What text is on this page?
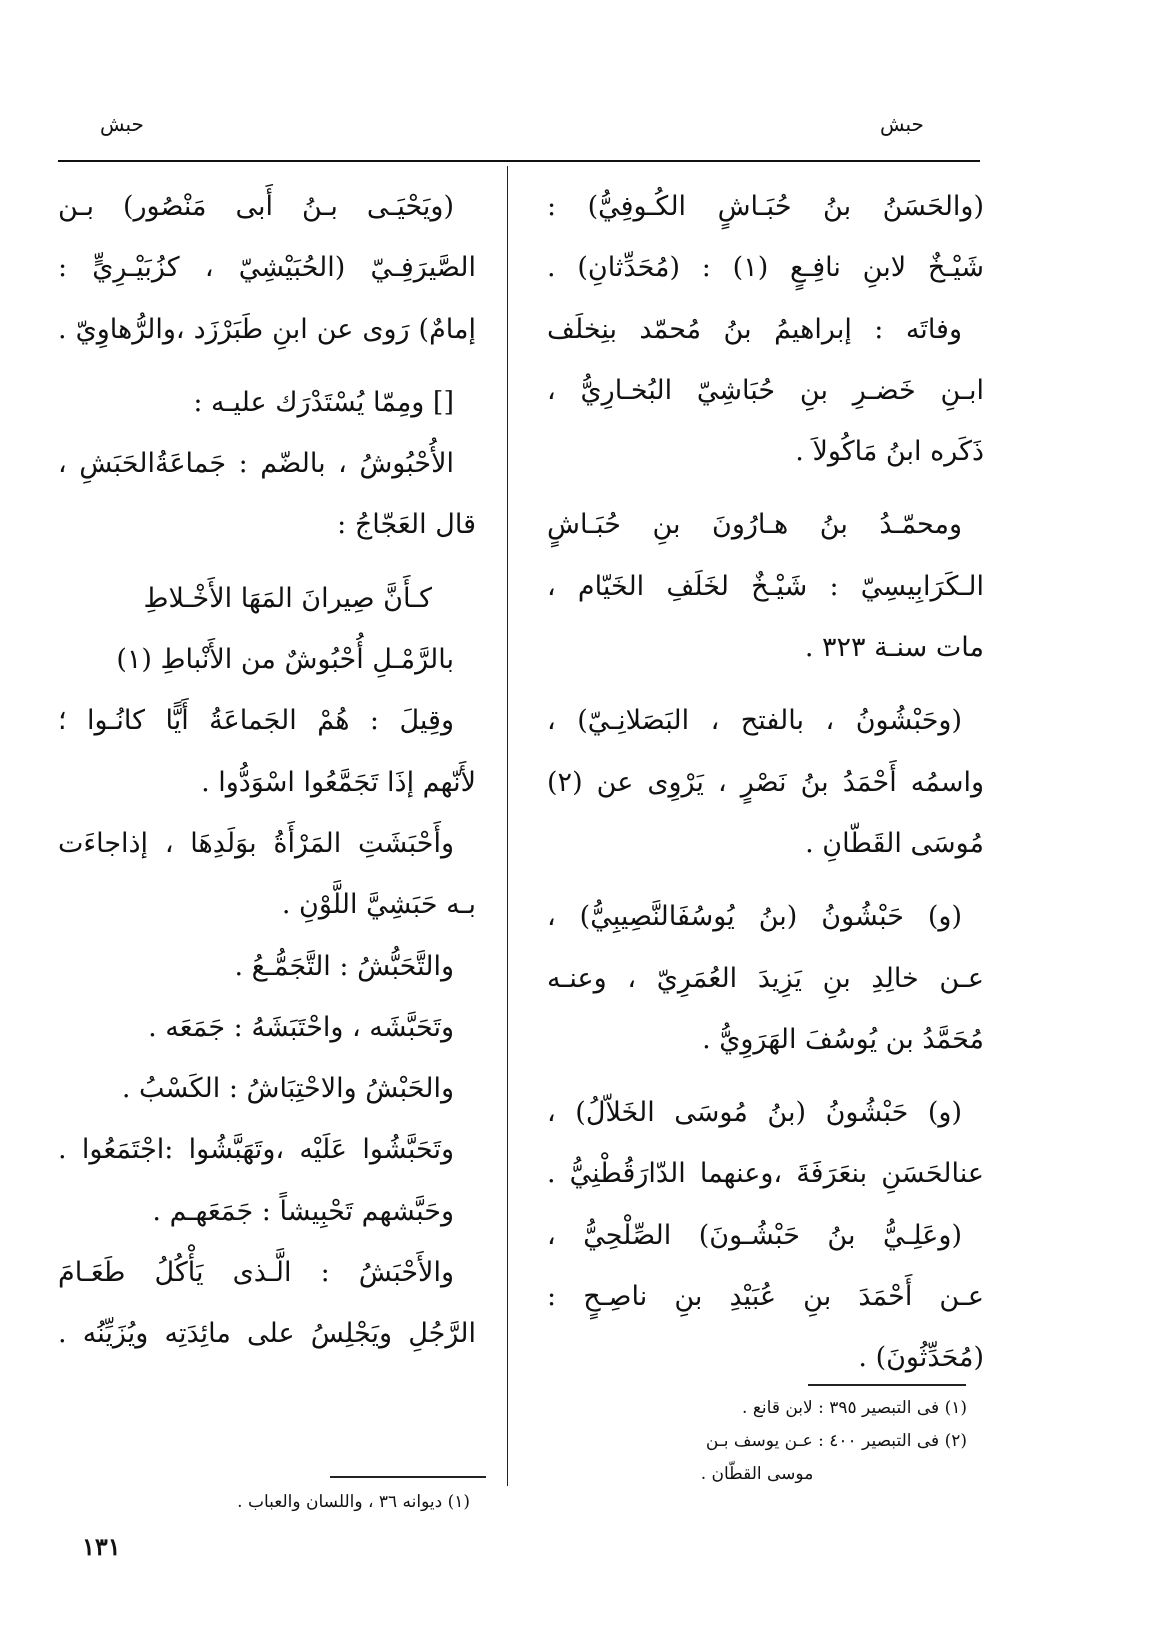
حبش
حبش
(والحَسَنُ بنُ حُبَـاشٍ الكُـوفِيُّ) :
شَيْـخٌ لابنِ نافِـعٍ (١) : (مُحَدِّثانِ) .
وفاتَه : إبراهيمُ بنُ مُحمّد بنِخلَف
ابـنِ خَضـرِ بنِ حُبَاشِيّ البُخـارِيُّ ،
ذَكَره ابنُ مَاكُولاَ .
ومحمّـدُ بنُ هـارُونَ بنِ حُبَـاشٍ
الـكَرَابِيسِيّ : شَيْـخٌ لخَلَفِ الخَيّام ،
مات سنـة ٣٢٣ .
(وحَبْشُونُ ، بالفتح ، البَصَلانِـيّ) ،
واسمُه أَحْمَدُ بنُ نَصْرٍ ، يَرْوِى عن (٢)
مُوسَى القَطّانِ .
(و) حَبْشُونُ (بنُ يُوسُفَالنَّصِيبِيُّ) ،
عـن خالِدِ بنِ يَزِيدَ العُمَرِيّ ، وعنـه
مُحَمَّدُ بن يُوسُفَ الهَرَوِيُّ .
(و) حَبْشُونُ (بنُ مُوسَى الخَلاّلُ) ،
عنالحَسَنِ بنعَرَفَةَ ،وعنهما الدّارَقُطْنِيُّ .
(وعَلِـيُّ بنُ حَبْشُـونَ) الصِّلْحِيُّ ،
عـن أَحْمَدَ بنِ عُبَيْدِ بنِ ناصِـحٍ :
(مُحَدِّثُونَ) .
(ويَحْيَـى بـنُ أَبى مَنْصُور) بـن
الصَّيرَفِـيّ (الحُبَيْشِيّ ، كزُبَيْـرِيٍّ :
إمامٌ) رَوى عن ابنِ طَبَرْزَد ،والرُّهاوِيّ .
[] ومِمّا يُسْتَدْرَك عليـه :
الأُحْبُوشُ ، بالضّم : جَماعَةُالحَبَشِ ،
قال العَجّاجُ :
كـأَنَّ صِيرانَ المَهَا الأَخْـلاطِ
بالرَّمْـلِ أُحْبُوشٌ من الأَنْباطِ (١)
وقِيلَ : هُمْ الجَماعَةُ أَيًّا كانُـوا ؛
لأَنّهم إذَا تَجَمَّعُوا اسْوَدُّوا .
وأَحْبَشَتِ المَرْأَةُ بوَلَدِهَا ، إذاجاءَت
بـه حَبَشِيَّ اللَّوْنِ .
والتَّحَبُّشُ : التَّجَمُّـعُ .
وتَحَبَّشَه ، واحْتَبَشَهُ : جَمَعَه .
والحَبْشُ والاحْتِبَاشُ : الكَسْبُ .
وتَحَبَّشُوا عَلَيْه ،وتَهَبَّشُوا :اجْتَمَعُوا .
وحَبَّشهم تَحْبِيشاً : جَمَعَهـم .
والأَحْبَشُ : الَّـذى يَأْكُلُ طَعَـامَ
الرَّجُلِ ويَجْلِسُ على مائِدَتِه ويُزَيِّنُه .
(١) فى التبصير ٣٩٥ : لابن قانع .
(٢) فى التبصير ٤٠٠ : عـن يوسف بـن
موسى القطّان .
(١) ديوانه ٣٦ ، واللسان والعباب .
١٣١
